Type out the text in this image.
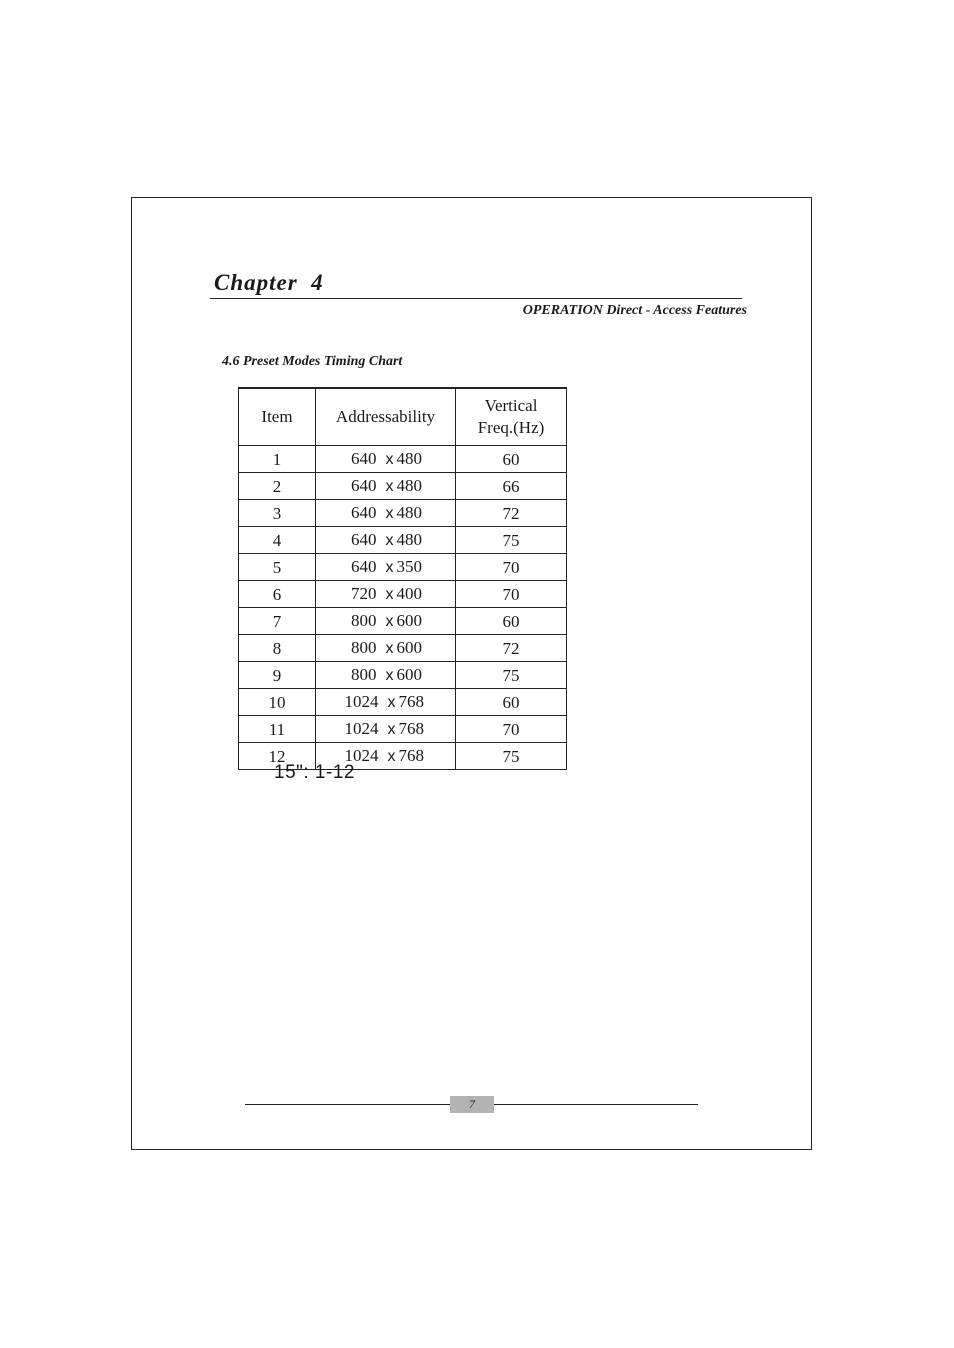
Chapter  4
OPERATION Direct - Access Features
4.6 Preset Modes Timing Chart
Item	Addressability	Vertical
Freq.(Hz)

1	640 x 480	60
2	640 x 480	66
3	640 x 480	72
4	640 x 480	75
5	640 x 350	70
6	720 x 400	70
7	800 x 600	60
8	800 x 600	72
9	800 x 600	75
10	1024 x 768	60
11	1024 x 768	70
12	1024 x 768	75
15": 1-12
7
